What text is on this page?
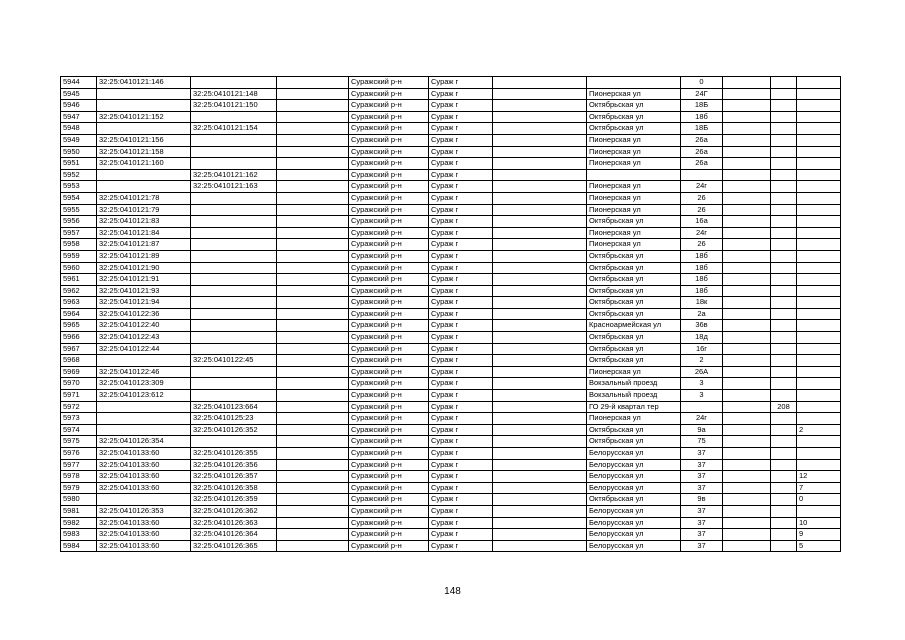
5944	32:25:0410121:146			Суражский р-н	Сураж г			0			
5945		32:25:0410121:148		Суражский р-н	Сураж г		Пионерская ул	24Г			
5946		32:25:0410121:150		Суражский р-н	Сураж г		Октябрьская ул	18Б			
5947	32:25:0410121:152			Суражский р-н	Сураж г		Октябрьская ул	18б			
5948		32:25:0410121:154		Суражский р-н	Сураж г		Октябрьская ул	18Б			
5949	32:25:0410121:156			Суражский р-н	Сураж г		Пионерская ул	26а			
5950	32:25:0410121:158			Суражский р-н	Сураж г		Пионерская ул	26а			
5951	32:25:0410121:160			Суражский р-н	Сураж г		Пионерская ул	26а			
5952		32:25:0410121:162		Суражский р-н	Сураж г						
5953		32:25:0410121:163		Суражский р-н	Сураж г		Пионерская ул	24г			
5954	32:25:0410121:78			Суражский р-н	Сураж г		Пионерская ул	26			
5955	32:25:0410121:79			Суражский р-н	Сураж г		Пионерская ул	26			
5956	32:25:0410121:83			Суражский р-н	Сураж г		Октябрьская ул	16а			
5957	32:25:0410121:84			Суражский р-н	Сураж г		Пионерская ул	24г			
5958	32:25:0410121:87			Суражский р-н	Сураж г		Пионерская ул	26			
5959	32:25:0410121:89			Суражский р-н	Сураж г		Октябрьская ул	18б			
5960	32:25:0410121:90			Суражский р-н	Сураж г		Октябрьская ул	18б			
5961	32:25:0410121:91			Суражский р-н	Сураж г		Октябрьская ул	18б			
5962	32:25:0410121:93			Суражский р-н	Сураж г		Октябрьская ул	18б			
5963	32:25:0410121:94			Суражский р-н	Сураж г		Октябрьская ул	18к			
5964	32:25:0410122:36			Суражский р-н	Сураж г		Октябрьская ул	2а			
5965	32:25:0410122:40			Суражский р-н	Сураж г		Красноармейская ул	36в			
5966	32:25:0410122:43			Суражский р-н	Сураж г		Октябрьская ул	18д			
5967	32:25:0410122:44			Суражский р-н	Сураж г		Октябрьская ул	16г			
5968		32:25:0410122:45		Суражский р-н	Сураж г		Октябрьская ул	2			
5969	32:25:0410122:46			Суражский р-н	Сураж г		Пионерская ул	26А			
5970	32:25:0410123:309			Суражский р-н	Сураж г		Вокзальный проезд	3			
5971	32:25:0410123:612			Суражский р-н	Сураж г		Вокзальный проезд	3			
5972		32:25:0410123:664		Суражский р-н	Сураж г		ГО 29-й квартал тер			208	
5973		32:25:0410125:23		Суражский р-н	Сураж г		Пионерская ул	24г			
5974		32:25:0410126:352		Суражский р-н	Сураж г		Октябрьская ул	9а			2
5975	32:25:0410126:354			Суражский р-н	Сураж г		Октябрьская ул	75			
5976	32:25:0410133:60	32:25:0410126:355		Суражский р-н	Сураж г		Белорусская ул	37			
5977	32:25:0410133:60	32:25:0410126:356		Суражский р-н	Сураж г		Белорусская ул	37			
5978	32:25:0410133:60	32:25:0410126:357		Суражский р-н	Сураж г		Белорусская ул	37			12
5979	32:25:0410133:60	32:25:0410126:358		Суражский р-н	Сураж г		Белорусская ул	37			7
5980		32:25:0410126:359		Суражский р-н	Сураж г		Октябрьская ул	9в			0
5981	32:25:0410126:353	32:25:0410126:362		Суражский р-н	Сураж г		Белорусская ул	37			
5982	32:25:0410133:60	32:25:0410126:363		Суражский р-н	Сураж г		Белорусская ул	37			10
5983	32:25:0410133:60	32:25:0410126:364		Суражский р-н	Сураж г		Белорусская ул	37			9
5984	32:25:0410133:60	32:25:0410126:365		Суражский р-н	Сураж г		Белорусская ул	37			5
148
